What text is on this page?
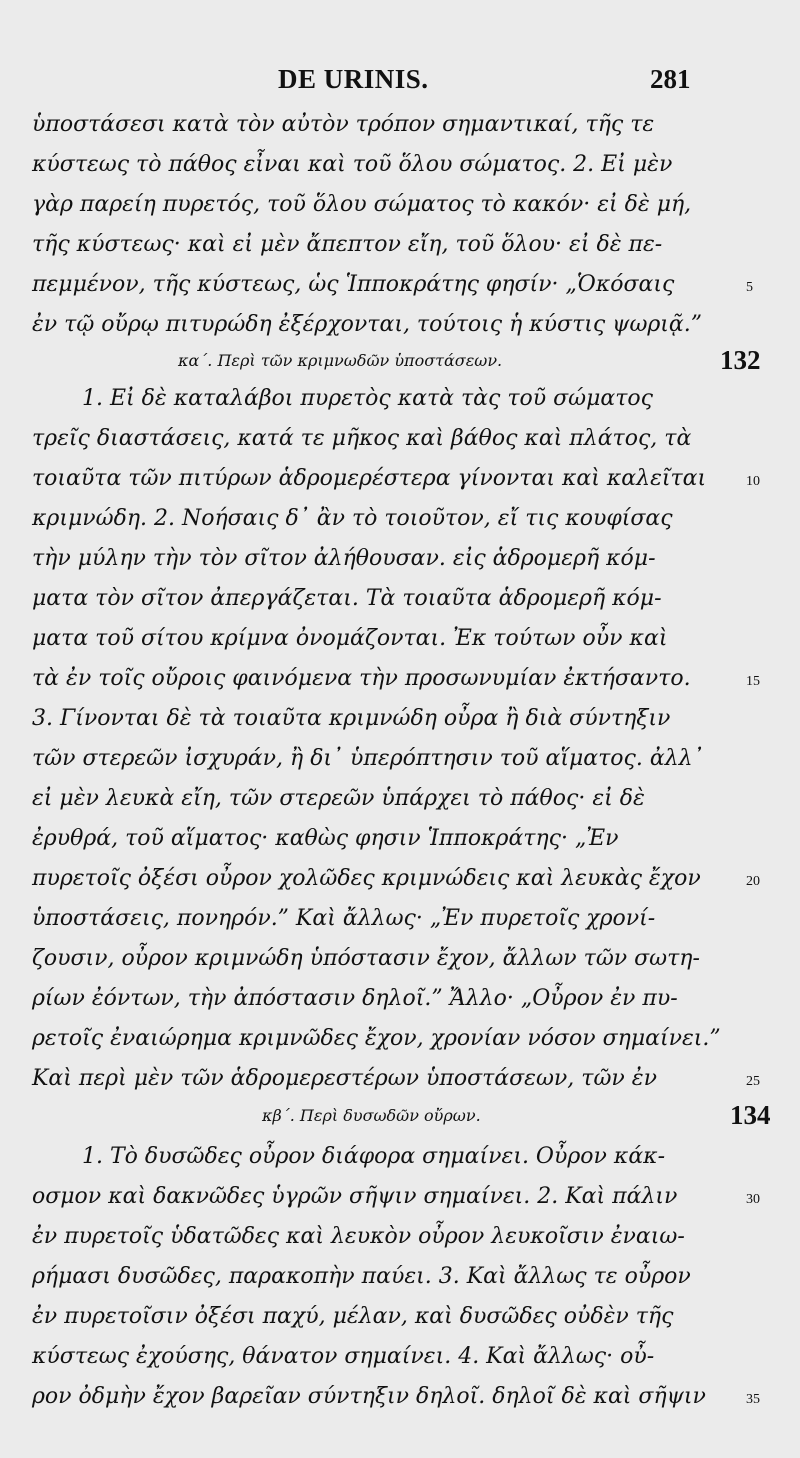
DE URINIS.	281
ὑποστάσεσι κατὰ τὸν αὐτὸν τρόπον σημαντικαί, τῆς τε
κύστεως τὸ πάθος εἶναι καὶ τοῦ ὅλου σώματος. 2. Εἰ μὲν
γὰρ παρείη πυρετός, τοῦ ὅλου σώματος τὸ κακόν· εἰ δὲ μή,
τῆς κύστεως· καὶ εἰ μὲν ἄπεπτον εἴη, τοῦ ὅλου· εἰ δὲ πε-
πεμμένον, τῆς κύστεως, ὡς Ἱπποκράτης φησίν· „Ὁκόσαις	5
ἐν τῷ οὔρῳ πιτυρώδη ἐξέρχονται, τούτοις ἡ κύστις ψωριᾷ.”
κα΄. Περὶ τῶν κριμνωδῶν ὑποστάσεων.	132
1. Εἰ δὲ καταλάβοι πυρετὸς κατὰ τὰς τοῦ σώματος
τρεῖς διαστάσεις, κατά τε μῆκος καὶ βάθος καὶ πλάτος, τὰ
τοιαῦτα τῶν πιτύρων ἁδρομερέστερα γίνονται καὶ καλεῖται	10
κριμνώδη. 2. Νοήσαις δ᾿ ἂν τὸ τοιοῦτον, εἴ τις κουφίσας
τὴν μύλην τὴν τὸν σῖτον ἀλήθουσαν. εἰς ἁδρομερῆ κόμ-
ματα τὸν σῖτον ἀπεργάζεται. Τὰ τοιαῦτα ἁδρομερῆ κόμ-
ματα τοῦ σίτου κρίμνα ὀνομάζονται. Ἐκ τούτων οὖν καὶ
τὰ ἐν τοῖς οὔροις φαινόμενα τὴν προσωνυμίαν ἐκτήσαντο.	15
3. Γίνονται δὲ τὰ τοιαῦτα κριμνώδη οὖρα ἢ διὰ σύντηξιν
τῶν στερεῶν ἰσχυράν, ἢ δι᾿ ὑπερόπτησιν τοῦ αἵματος. ἀλλ᾿
εἰ μὲν λευκὰ εἴη, τῶν στερεῶν ὑπάρχει τὸ πάθος· εἰ δὲ
ἐρυθρά, τοῦ αἵματος· καθὼς φησιν Ἱπποκράτης· „Ἐν
πυρετοῖς ὀξέσι οὖρον χολῶδες κριμνώδεις καὶ λευκὰς ἔχον	20
ὑποστάσεις, πονηρόν.” Καὶ ἄλλως· „Ἐν πυρετοῖς χρονί-
ζουσιν, οὖρον κριμνώδη ὑπόστασιν ἔχον, ἄλλων τῶν σωτη-
ρίων ἐόντων, τὴν ἀπόστασιν δηλοῖ.” Ἄλλο· „Οὖρον ἐν πυ-
ρετοῖς ἐναιώρημα κριμνῶδες ἔχον, χρονίαν νόσον σημαίνει.”
Καὶ περὶ μὲν τῶν ἁδρομερεστέρων ὑποστάσεων, τῶν ἐν	25
κβ΄. Περὶ δυσωδῶν οὔρων.	134
1. Τὸ δυσῶδες οὖρον διάφορα σημαίνει. Οὖρον κάκ-
οσμον καὶ δακνῶδες ὑγρῶν σῆψιν σημαίνει. 2. Καὶ πάλιν	30
ἐν πυρετοῖς ὑδατῶδες καὶ λευκὸν οὖρον λευκοῖσιν ἐναιω-
ρήμασι δυσῶδες, παρακοπὴν παύει. 3. Καὶ ἄλλως τε οὖρον
ἐν πυρετοῖσιν ὀξέσι παχύ, μέλαν, καὶ δυσῶδες οὐδὲν τῆς
κύστεως ἐχούσης, θάνατον σημαίνει. 4. Καὶ ἄλλως· οὖ-
ρον ὀδμὴν ἔχον βαρεῖαν σύντηξιν δηλοῖ. δηλοῖ δὲ καὶ σῆψιν	35
